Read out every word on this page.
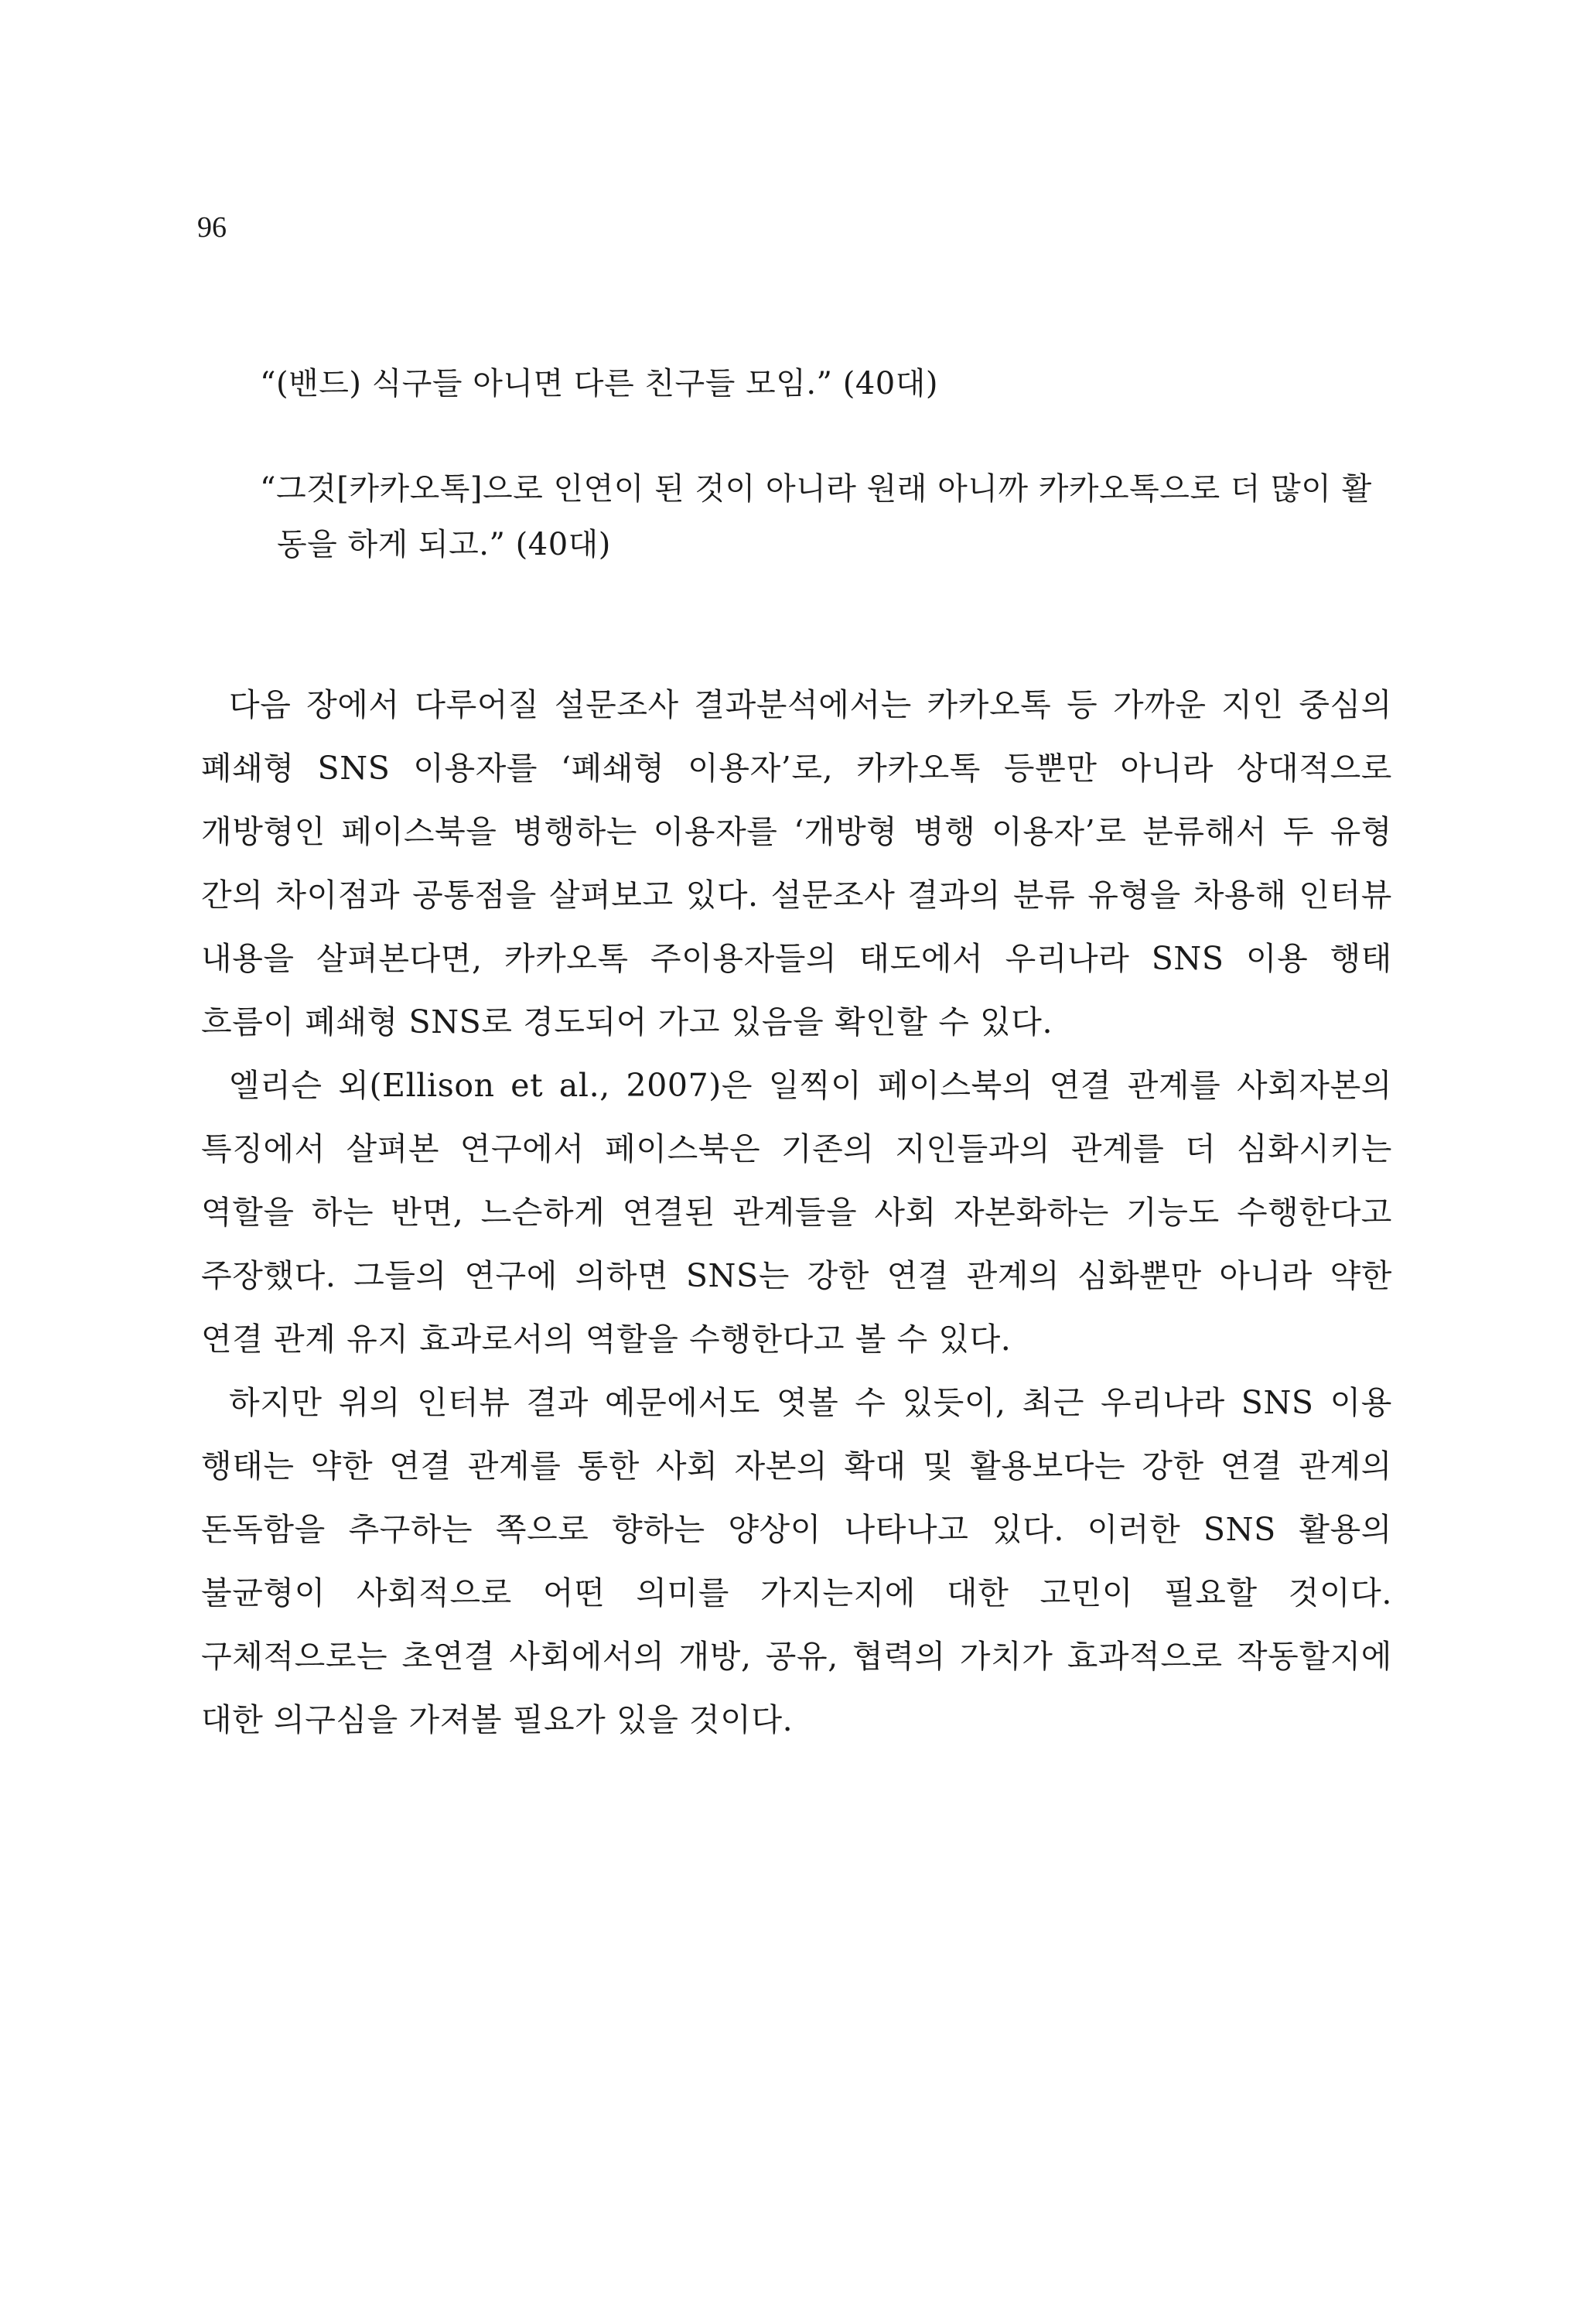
96
“(밴드) 식구들 아니면 다른 친구들 모임.” (40대)
“그것[카카오톡]으로 인연이 된 것이 아니라 원래 아니까 카카오톡으로 더 많이 활동을 하게 되고.” (40대)

다음 장에서 다루어질 설문조사 결과분석에서는 카카오톡 등 가까운 지인 중심의 폐쇄형 SNS 이용자를 ‘폐쇄형 이용자’로, 카카오톡 등뿐만 아니라 상대적으로 개방형인 페이스북을 병행하는 이용자를 ‘개방형 병행 이용자’로 분류해서 두 유형 간의 차이점과 공통점을 살펴보고 있다. 설문조사 결과의 분류 유형을 차용해 인터뷰 내용을 살펴본다면, 카카오톡 주이용자들의 태도에서 우리나라 SNS 이용 행태 흐름이 폐쇄형 SNS로 경도되어 가고 있음을 확인할 수 있다.

엘리슨 외(Ellison et al., 2007)은 일찍이 페이스북의 연결 관계를 사회자본의 특징에서 살펴본 연구에서 페이스북은 기존의 지인들과의 관계를 더 심화시키는 역할을 하는 반면, 느슨하게 연결된 관계들을 사회 자본화하는 기능도 수행한다고 주장했다. 그들의 연구에 의하면 SNS는 강한 연결 관계의 심화뿐만 아니라 약한 연결 관계 유지 효과로서의 역할을 수행한다고 볼 수 있다.

하지만 위의 인터뷰 결과 예문에서도 엿볼 수 있듯이, 최근 우리나라 SNS 이용 행태는 약한 연결 관계를 통한 사회 자본의 확대 및 활용보다는 강한 연결 관계의 돈독함을 추구하는 쪽으로 향하는 양상이 나타나고 있다. 이러한 SNS 활용의 불균형이 사회적으로 어떤 의미를 가지는지에 대한 고민이 필요할 것이다. 구체적으로는 초연결 사회에서의 개방, 공유, 협력의 가치가 효과적으로 작동할지에 대한 의구심을 가져볼 필요가 있을 것이다.
